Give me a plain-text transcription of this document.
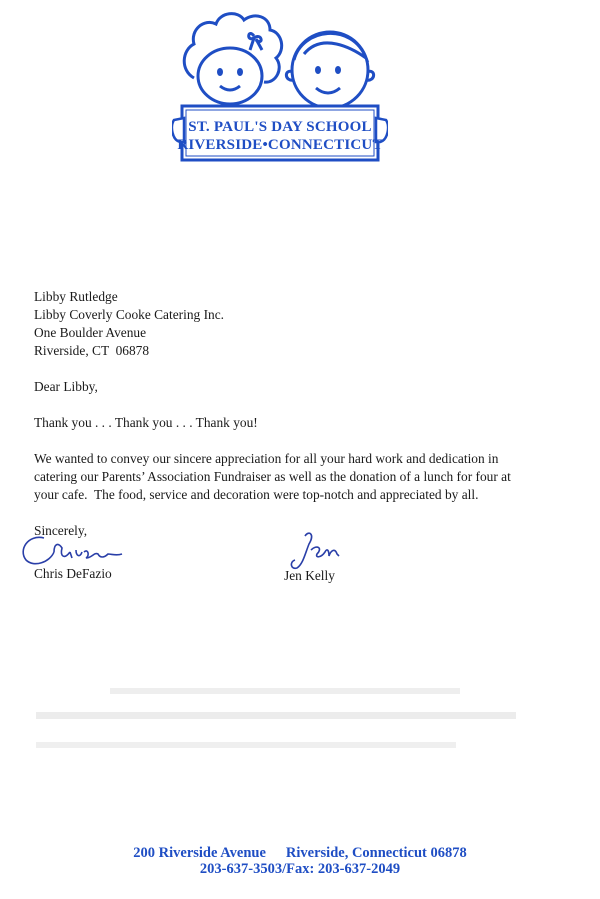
ST. PAUL'S DAY SCHOOL
RIVERSIDE•CONNECTICUT
Libby Rutledge
Libby Coverly Cooke Catering Inc.
One Boulder Avenue
Riverside, CT  06878

Dear Libby,

Thank you . . . Thank you . . . Thank you!

We wanted to convey our sincere appreciation for all your hard work and dedication in
catering our Parents’ Association Fundraiser as well as the donation of a lunch for four at
your cafe.  The food, service and decoration were top-notch and appreciated by all.

Sincerely,

Chris DeFazio	Jen Kelly
200 Riverside Avenue Riverside, Connecticut 06878
203-637-3503/Fax: 203-637-2049
